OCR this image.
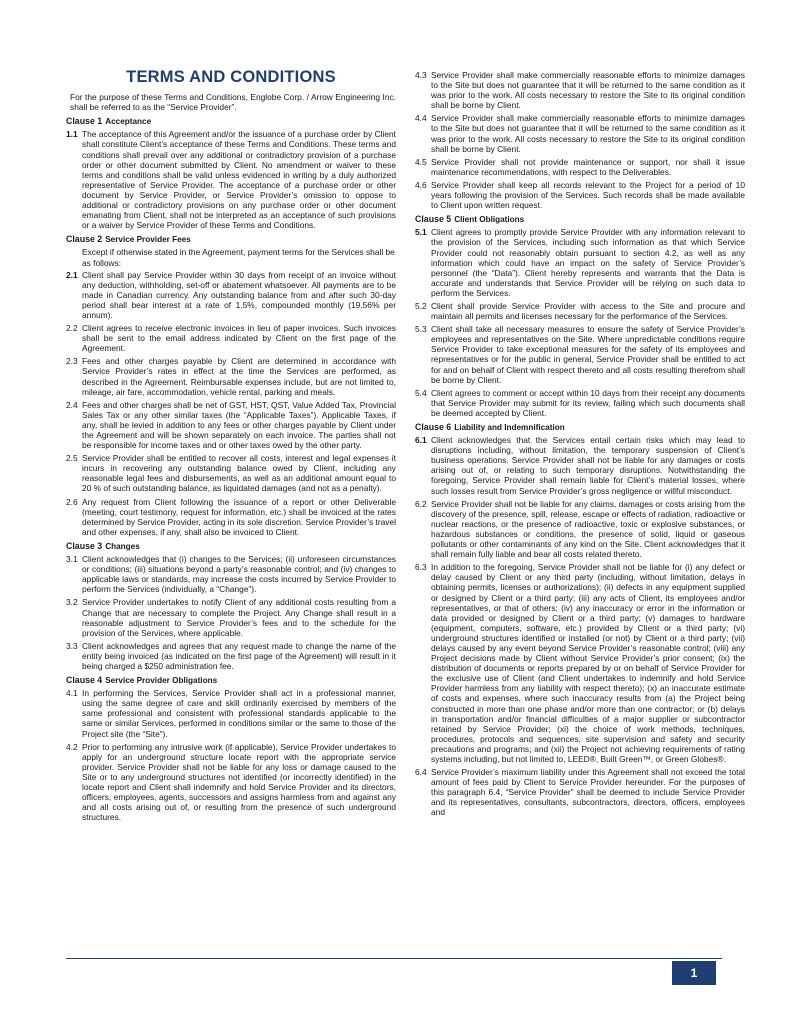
TERMS AND CONDITIONS
For the purpose of these Terms and Conditions, Englobe Corp. / Arrow Engineering Inc. shall be referred to as the “Service Provider”.
Clause 1 Acceptance
1.1 The acceptance of this Agreement and/or the issuance of a purchase order by Client shall constitute Client’s acceptance of these Terms and Conditions. These terms and conditions shall prevail over any additional or contradictory provision of a purchase order or other document submitted by Client. No amendment or waiver to these terms and conditions shall be valid unless evidenced in writing by a duly authorized representative of Service Provider. The acceptance of a purchase order or other document by Service Provider, or Service Provider’s omission to oppose to additional or contradictory provisions on any purchase order or other document emanating from Client, shall not be interpreted as an acceptance of such provisions or a waiver by Service Provider of these Terms and Conditions.
Clause 2 Service Provider Fees
Except if otherwise stated in the Agreement, payment terms for the Services shall be as follows:
2.1 Client shall pay Service Provider within 30 days from receipt of an invoice without any deduction, withholding, set-off or abatement whatsoever. All payments are to be made in Canadian currency. Any outstanding balance from and after such 30-day period shall bear interest at a rate of 1.5%, compounded monthly (19.56% per annum).
2.2 Client agrees to receive electronic invoices in lieu of paper invoices. Such invoices shall be sent to the email address indicated by Client on the first page of the Agreement.
2.3 Fees and other charges payable by Client are determined in accordance with Service Provider’s rates in effect at the time the Services are performed, as described in the Agreement. Reimbursable expenses include, but are not limited to, mileage, air fare, accommodation, vehicle rental, parking and meals.
2.4 Fees and other charges shall be net of GST, HST, QST, Value Added Tax, Provincial Sales Tax or any other similar taxes (the “Applicable Taxes”). Applicable Taxes, if any, shall be levied in addition to any fees or other charges payable by Client under the Agreement and will be shown separately on each invoice. The parties shall not be responsible for income taxes and or other taxes owed by the other party.
2.5 Service Provider shall be entitled to recover all costs, interest and legal expenses it incurs in recovering any outstanding balance owed by Client, including any reasonable legal fees and disbursements, as well as an additional amount equal to 20 % of such outstanding balance, as liquidated damages (and not as a penalty).
2.6 Any request from Client following the issuance of a report or other Deliverable (meeting, court testimony, request for information, etc.) shall be invoiced at the rates determined by Service Provider, acting in its sole discretion. Service Provider’s travel and other expenses, if any, shall also be invoiced to Client.
Clause 3 Changes
3.1 Client acknowledges that (i) changes to the Services; (ii) unforeseen circumstances or conditions; (iii) situations beyond a party’s reasonable control; and (iv) changes to applicable laws or standards, may increase the costs incurred by Service Provider to perform the Services (individually, a “Change”).
3.2 Service Provider undertakes to notify Client of any additional costs resulting from a Change that are necessary to complete the Project. Any Change shall result in a reasonable adjustment to Service Provider’s fees and to the schedule for the provision of the Services, where applicable.
3.3 Client acknowledges and agrees that any request made to change the name of the entity being invoiced (as indicated on the first page of the Agreement) will result in it being charged a $250 administration fee.
Clause 4 Service Provider Obligations
4.1 In performing the Services, Service Provider shall act in a professional manner, using the same degree of care and skill ordinarily exercised by members of the same professional and consistent with professional standards applicable to the same or similar Services, performed in conditions similar or the same to those of the Project site (the “Site”).
4.2 Prior to performing any intrusive work (if applicable), Service Provider undertakes to apply for an underground structure locate report with the appropriate service provider. Service Provider shall not be liable for any loss or damage caused to the Site or to any underground structures not identified (or incorrectly identified) in the locate report and Client shall indemnify and hold Service Provider and its directors, officers, employees, agents, successors and assigns harmless from and against any and all costs arising out of, or resulting from the presence of such underground structures.
4.3 Service Provider shall make commercially reasonable efforts to minimize damages to the Site but does not guarantee that it will be returned to the same condition as it was prior to the work. All costs necessary to restore the Site to its original condition shall be borne by Client.
4.4 Service Provider shall make commercially reasonable efforts to minimize damages to the Site but does not guarantee that it will be returned to the same condition as it was prior to the work. All costs necessary to restore the Site to its original condition shall be borne by Client.
4.5 Service Provider shall not provide maintenance or support, nor shall it issue maintenance recommendations, with respect to the Deliverables.
4.6 Service Provider shall keep all records relevant to the Project for a period of 10 years following the provision of the Services. Such records shall be made available to Client upon written request.
Clause 5 Client Obligations
5.1 Client agrees to promptly provide Service Provider with any information relevant to the provision of the Services, including such information as that which Service Provider could not reasonably obtain pursuant to section 4.2, as well as any information which could have an impact on the safety of Service Provider’s personnel (the “Data”). Client hereby represents and warrants that the Data is accurate and understands that Service Provider will be relying on such data to perform the Services.
5.2 Client shall provide Service Provider with access to the Site and procure and maintain all permits and licenses necessary for the performance of the Services.
5.3 Client shall take all necessary measures to ensure the safety of Service Provider’s employees and representatives on the Site. Where unpredictable conditions require Service Provider to take exceptional measures for the safety of its employees and representatives or for the public in general, Service Provider shall be entitled to act for and on behalf of Client with respect thereto and all costs resulting therefrom shall be borne by Client.
5.4 Client agrees to comment or accept within 10 days from their receipt any documents that Service Provider may submit for its review, failing which such documents shall be deemed accepted by Client.
Clause 6 Liability and Indemnification
6.1 Client acknowledges that the Services entail certain risks which may lead to disruptions including, without limitation, the temporary suspension of Client’s business operations. Service Provider shall not be liable for any damages or costs arising out of, or relating to such temporary disruptions. Notwithstanding the foregoing, Service Provider shall remain liable for Client’s material losses, where such losses result from Service Provider’s gross negligence or willful misconduct.
6.2 Service Provider shall not be liable for any claims, damages or costs arising from the discovery of the presence, spill, release, escape or effects of radiation, radioactive or nuclear reactions, or the presence of radioactive, toxic or explosive substances, or hazardous substances or conditions, the presence of solid, liquid or gaseous pollutants or other contaminants of any kind on the Site. Client acknowledges that it shall remain fully liable and bear all costs related thereto.
6.3 In addition to the foregoing, Service Provider shall not be liable for (i) any defect or delay caused by Client or any third party (including, without limitation, delays in obtaining permits, licenses or authorizations); (ii) defects in any equipment supplied or designed by Client or a third party; (iii) any acts of Client, its employees and/or representatives, or that of others; (iv) any inaccuracy or error in the information or data provided or designed by Client or a third party; (v) damages to hardware (equipment, computers, software, etc.) provided by Client or a third party; (vi) underground structures identified or installed (or not) by Client or a third party; (vii) delays caused by any event beyond Service Provider’s reasonable control; (viii) any Project decisions made by Client without Service Provider’s prior consent; (ix) the distribution of documents or reports prepared by or on behalf of Service Provider for the exclusive use of Client (and Client undertakes to indemnify and hold Service Provider harmless from any liability with respect thereto); (x) an inaccurate estimate of costs and expenses, where such inaccuracy results from (a) the Project being constructed in more than one phase and/or more than one contractor; or (b) delays in transportation and/or financial difficulties of a major supplier or subcontractor retained by Service Provider; (xi) the choice of work methods, techniques, procedures, protocols and sequences, site supervision and safety and security precautions and programs; and (xii) the Project not achieving requirements of rating systems including, but not limited to, LEED®, Built Green™, or Green Globes®.
6.4 Service Provider’s maximum liability under this Agreement shall not exceed the total amount of fees paid by Client to Service Provider hereunder. For the purposes of this paragraph 6.4, “Service Provider” shall be deemed to include Service Provider and its representatives, consultants, subcontractors, directors, officers, employees and
1
